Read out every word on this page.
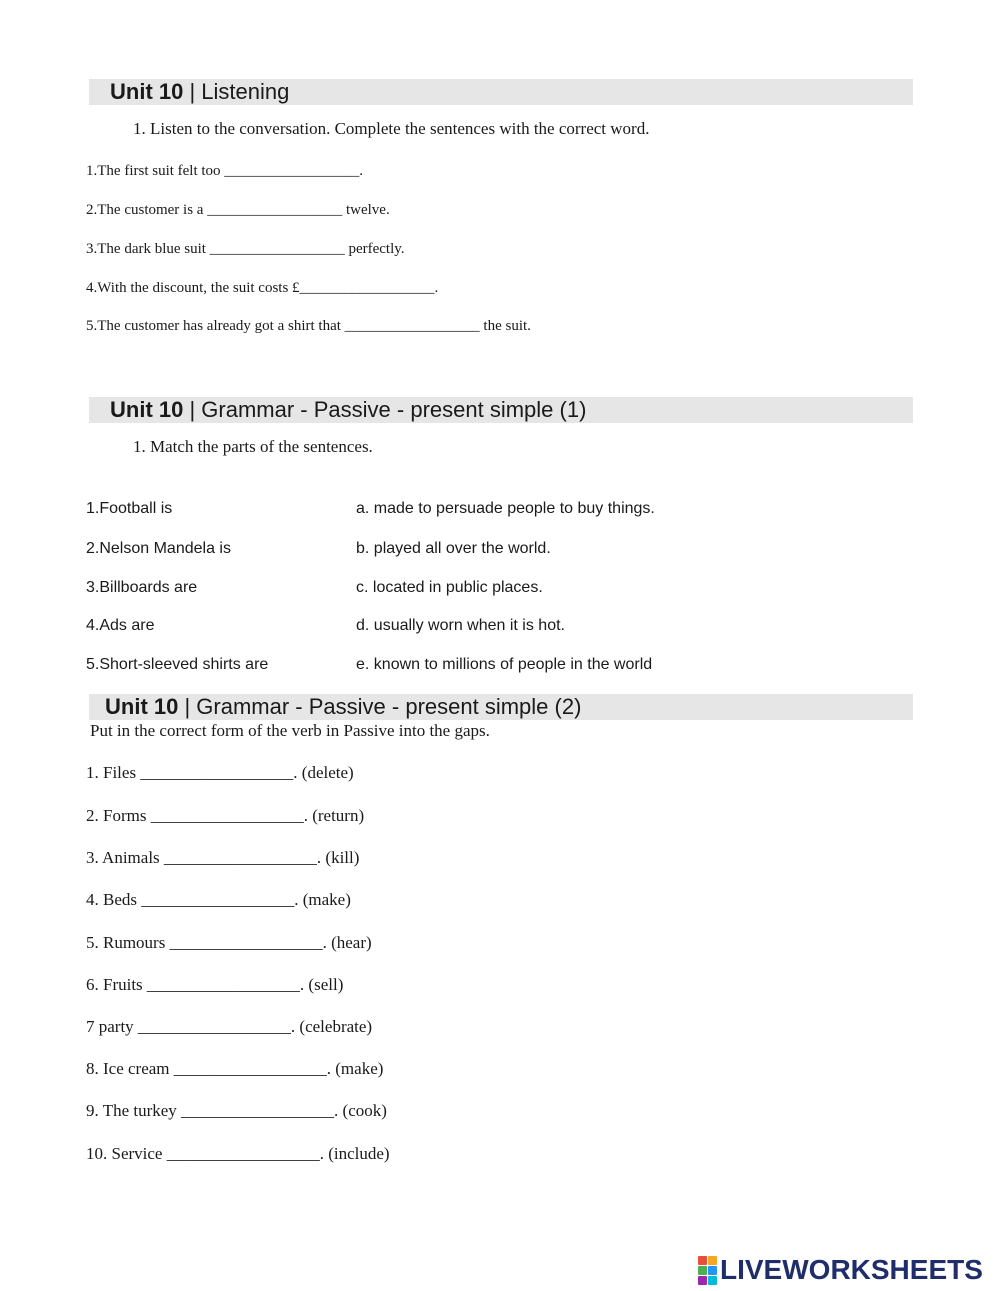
Unit 10 | Listening
1. Listen to the conversation. Complete the sentences with the correct word.
1.The first suit felt too __________________.
2.The customer is a __________________ twelve.
3.The dark blue suit __________________ perfectly.
4.With the discount, the suit costs £__________________.
5.The customer has already got a shirt that __________________ the suit.
Unit 10 | Grammar - Passive - present simple (1)
1. Match the parts of the sentences.
1.Football is
2.Nelson Mandela is
3.Billboards are
4.Ads are
5.Short-sleeved shirts are
a. made to persuade people to buy things.
b. played all over the world.
c. located in public places.
d. usually worn when it is hot.
e. known to millions of people in the world
Unit 10 | Grammar - Passive - present simple (2)
Put in the correct form of the verb in Passive into the gaps.
1. Files __________________. (delete)
2. Forms __________________. (return)
3. Animals __________________. (kill)
4. Beds __________________. (make)
5. Rumours __________________. (hear)
6. Fruits __________________. (sell)
7 party __________________. (celebrate)
8. Ice cream __________________. (make)
9. The turkey __________________. (cook)
10. Service __________________. (include)
LIVEWORKSHEETS
